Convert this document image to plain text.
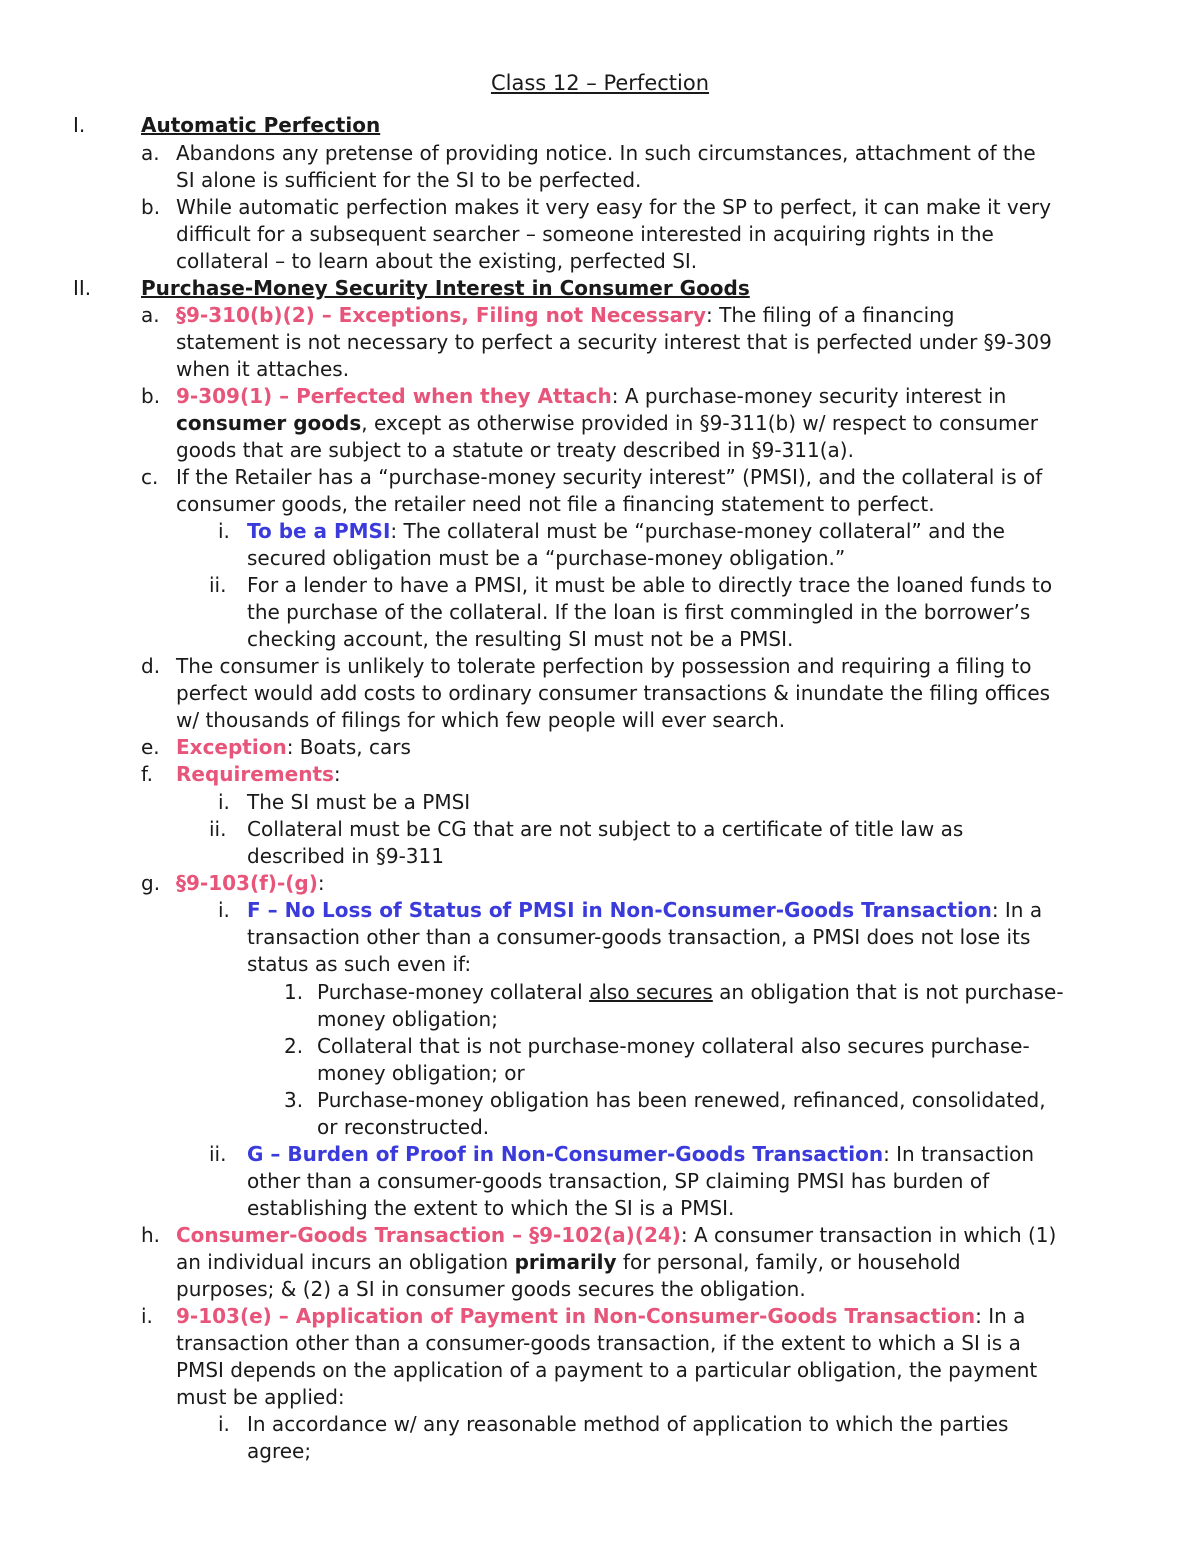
Class 12 – Perfection
I.	Automatic Perfection
a. Abandons any pretense of providing notice. In such circumstances, attachment of the
SI alone is sufficient for the SI to be perfected.
b. While automatic perfection makes it very easy for the SP to perfect, it can make it very
difficult for a subsequent searcher – someone interested in acquiring rights in the
collateral – to learn about the existing, perfected SI.
II. Purchase-Money Security Interest in Consumer Goods
a. §9-310(b)(2) – Exceptions, Filing not Necessary: The filing of a financing
statement is not necessary to perfect a security interest that is perfected under §9-309
when it attaches.
b. 9-309(1) – Perfected when they Attach: A purchase-money security interest in
consumer goods, except as otherwise provided in §9-311(b) w/ respect to consumer
goods that are subject to a statute or treaty described in §9-311(a).
c. If the Retailer has a “purchase-money security interest” (PMSI), and the collateral is of
consumer goods, the retailer need not file a financing statement to perfect.
i. To be a PMSI: The collateral must be “purchase-money collateral” and the
secured obligation must be a “purchase-money obligation.”
ii. For a lender to have a PMSI, it must be able to directly trace the loaned funds to
the purchase of the collateral. If the loan is first commingled in the borrower’s
checking account, the resulting SI must not be a PMSI.
d. The consumer is unlikely to tolerate perfection by possession and requiring a filing to
perfect would add costs to ordinary consumer transactions & inundate the filing offices
w/ thousands of filings for which few people will ever search.
e. Exception: Boats, cars
f. Requirements:
i. The SI must be a PMSI
ii. Collateral must be CG that are not subject to a certificate of title law as
described in §9-311
g. §9-103(f)-(g):
i. F – No Loss of Status of PMSI in Non-Consumer-Goods Transaction: In a
transaction other than a consumer-goods transaction, a PMSI does not lose its
status as such even if:
1. Purchase-money collateral also secures an obligation that is not purchase-
money obligation;
2. Collateral that is not purchase-money collateral also secures purchase-
money obligation; or
3. Purchase-money obligation has been renewed, refinanced, consolidated,
or reconstructed.
ii. G – Burden of Proof in Non-Consumer-Goods Transaction: In transaction
other than a consumer-goods transaction, SP claiming PMSI has burden of
establishing the extent to which the SI is a PMSI.
h. Consumer-Goods Transaction – §9-102(a)(24): A consumer transaction in which (1)
an individual incurs an obligation primarily for personal, family, or household
purposes; & (2) a SI in consumer goods secures the obligation.
i. 9-103(e) – Application of Payment in Non-Consumer-Goods Transaction: In a
transaction other than a consumer-goods transaction, if the extent to which a SI is a
PMSI depends on the application of a payment to a particular obligation, the payment
must be applied:
i. In accordance w/ any reasonable method of application to which the parties
agree;
